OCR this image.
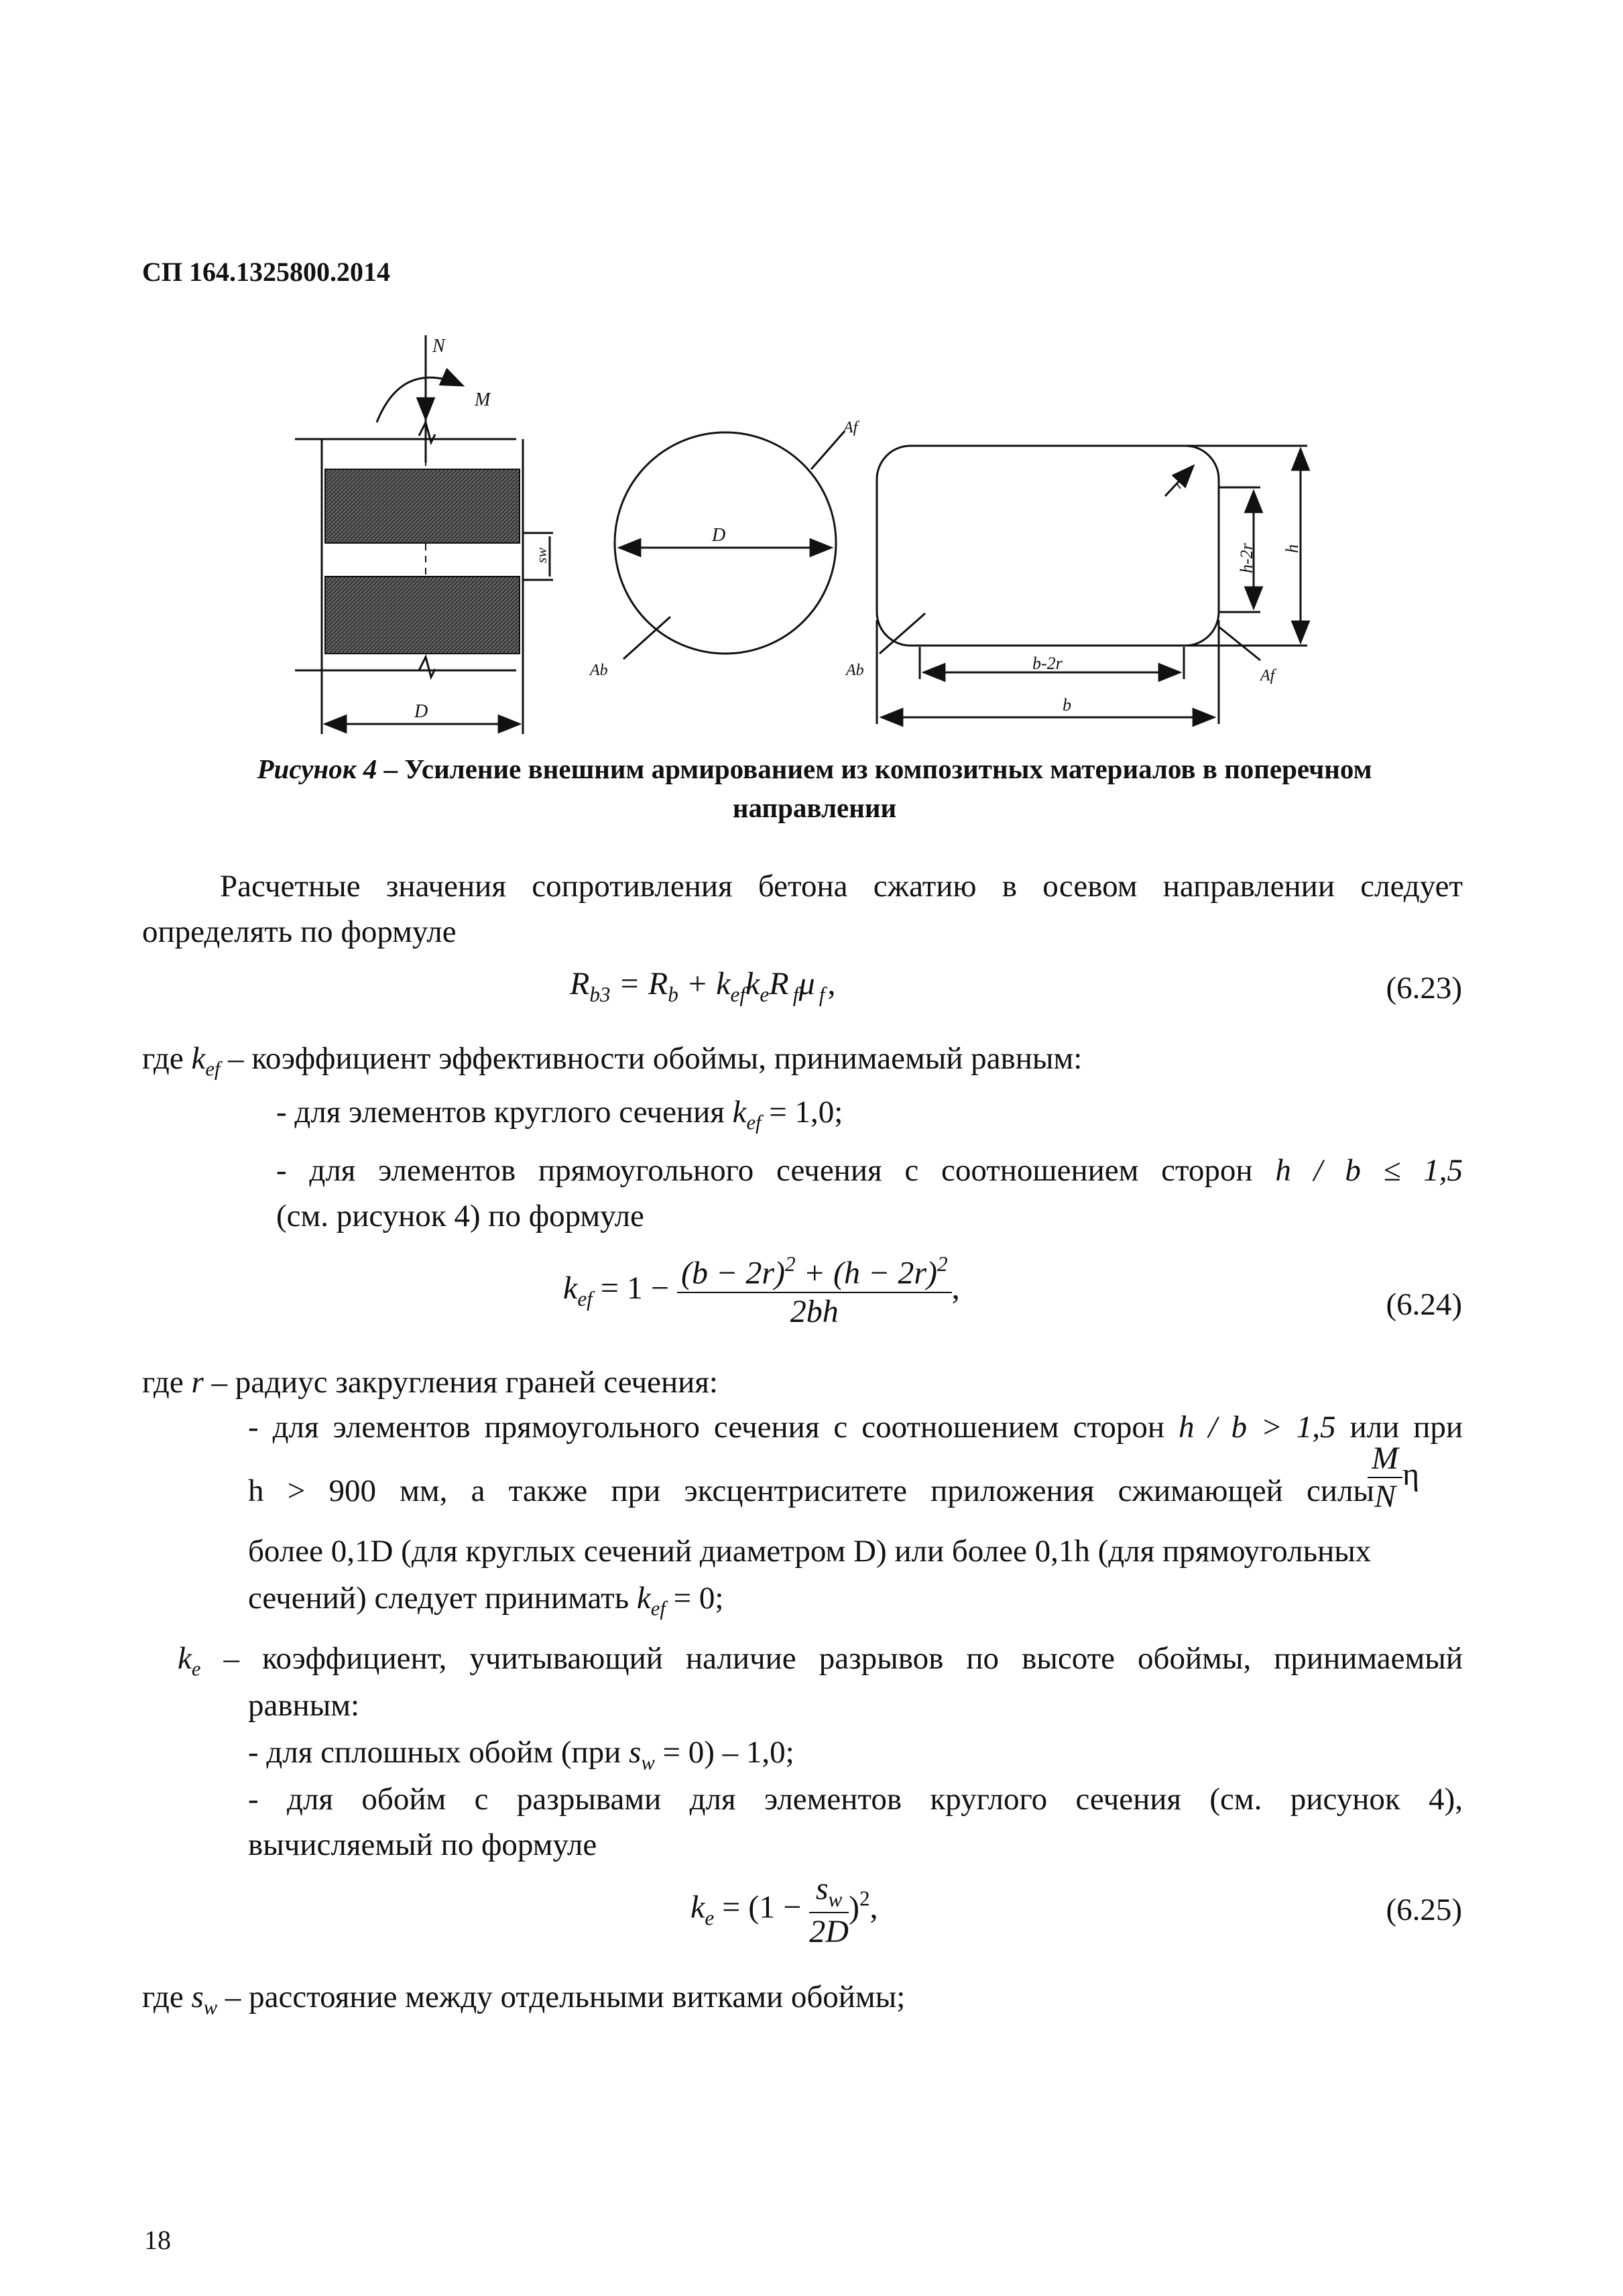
СП 164.1325800.2014
N
M
D
sw
D
Af
Ab
r
h-2r h
b-2r
b
Ab	Af
Рисунок 4 – Усиление внешним армированием из композитных материалов в поперечном
направлении
Расчетные значения сопротивления бетона сжатию в осевом направлении следует
определять по формуле
$R_{b3} = R_b + k_{ef}k_eR$ $_f$μ $_f$ ,	(6.23)
где $k_{ef}$ – коэффициент эффективности обоймы, принимаемый равным:
- для элементов круглого сечения $k_{ef} = 1,0$;
- для элементов прямоугольного сечения с соотношением сторон h / b ≤ 1,5
(см. рисунок 4) по формуле
$k_{ef} = 1 - \frac{(b - 2r)^2 + (h - 2r)^2}{2bh}$ ,	(6.24)
где r – радиус закругления граней сечения:
- для элементов прямоугольного сечения с соотношением сторон h / b > 1,5 или при
h > 900 мм, а также при эксцентриситете приложения сжимающей силы
$\frac{M}{N}$ η
более 0,1D (для круглых сечений диаметром D) или более 0,1h (для прямоугольных
сечений) следует принимать $k_{ef} = 0$;
$k_e$ – коэффициент, учитывающий наличие разрывов по высоте обоймы, принимаемый
равным:
- для сплошных обойм (при $s_w = 0) - 1,0$;
- для обойм с разрывами для элементов круглого сечения (см. рисунок 4),
вычисляемый по формуле
$k_e = (1 - \frac{s_w}{2D} )^2$,	(6.25)
где $s_w$ – расстояние между отдельными витками обоймы;
18
